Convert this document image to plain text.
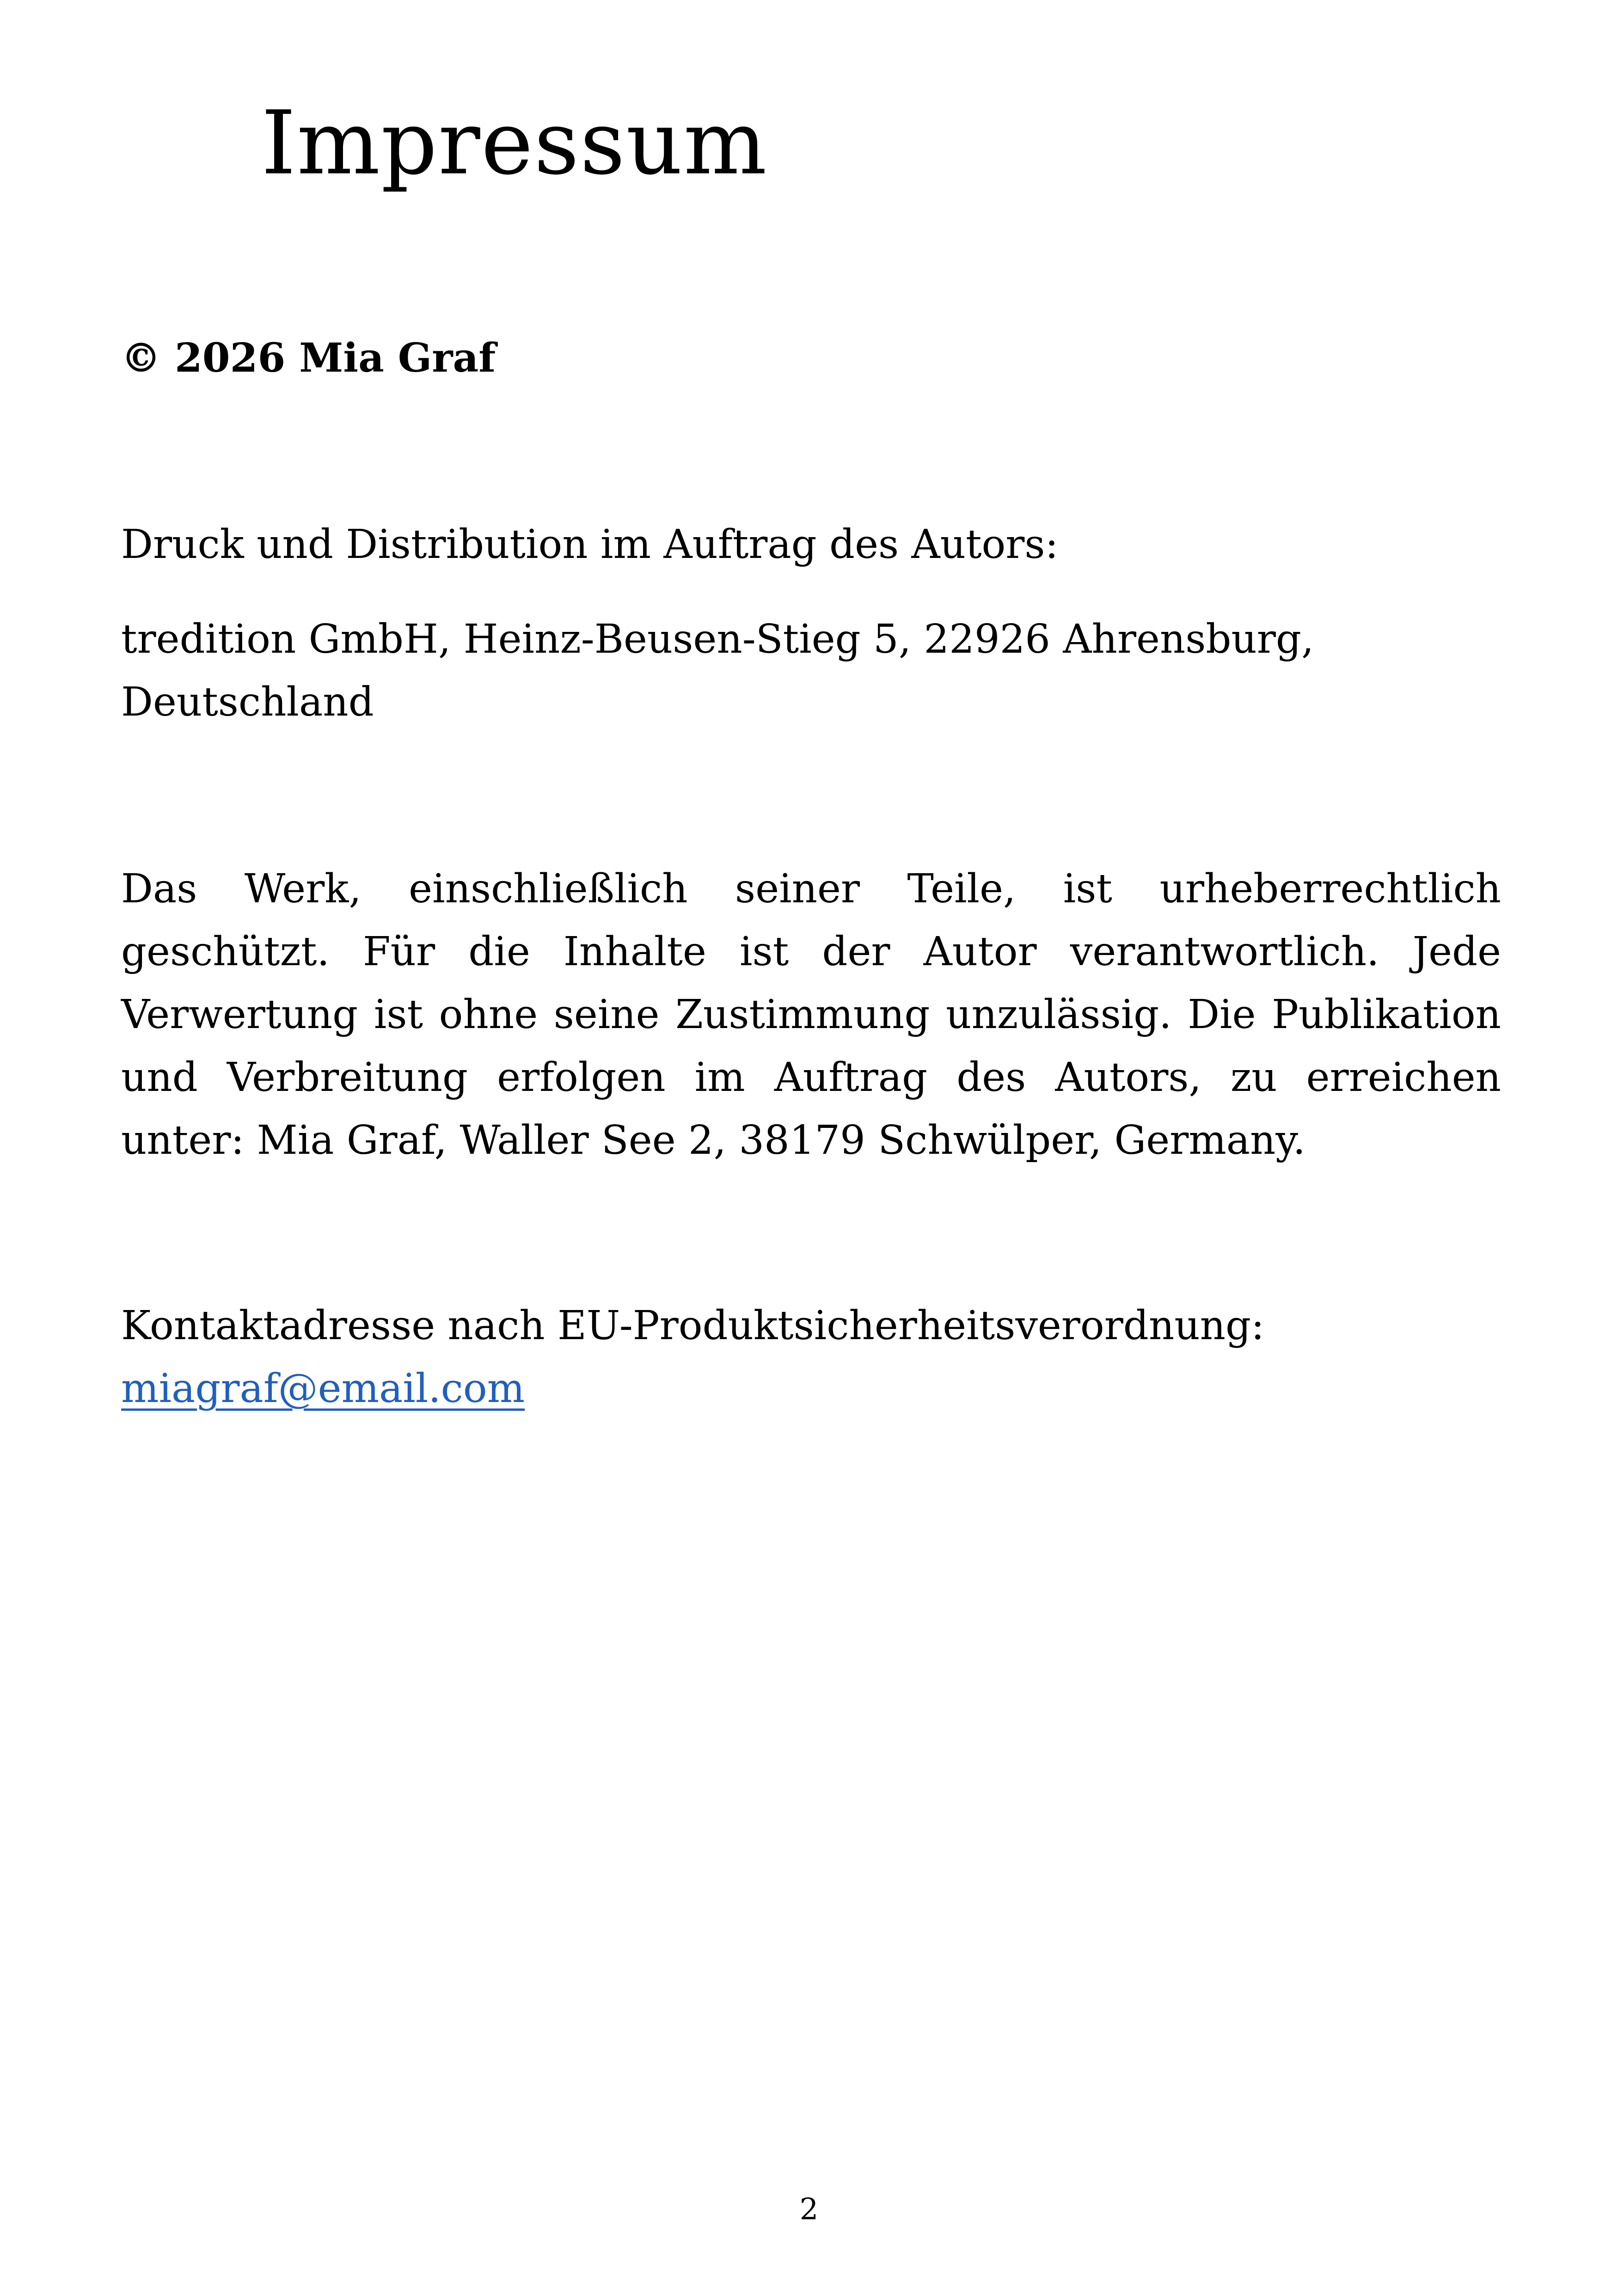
Impressum

© 2026 Mia Graf

Druck und Distribution im Auftrag des Autors:

tredition GmbH, Heinz-Beusen-Stieg 5, 22926 Ahrensburg, Deutschland

Das Werk, einschließlich seiner Teile, ist urheberrechtlich geschützt. Für die Inhalte ist der Autor verantwortlich. Jede Verwertung ist ohne seine Zustimmung unzulässig. Die Publikation und Verbreitung erfolgen im Auftrag des Autors, zu erreichen unter: Mia Graf, Waller See 2, 38179 Schwülper, Germany.

Kontaktadresse nach EU-Produktsicherheitsverordnung:
miagraf@email.com

2
